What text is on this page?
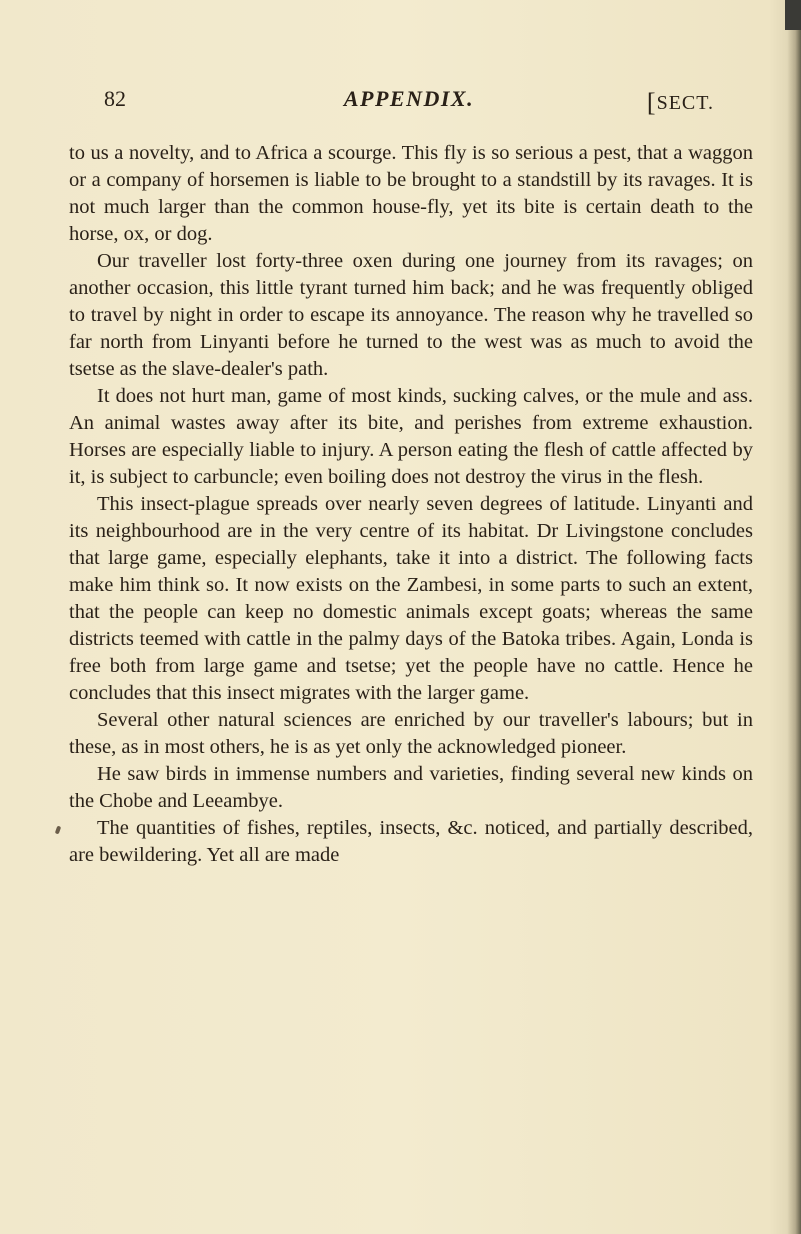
82	APPENDIX.	[SECT.

to us a novelty, and to Africa a scourge. This fly is so serious a pest, that a waggon or a company of horsemen is liable to be brought to a standstill by its ravages. It is not much larger than the common house-fly, yet its bite is certain death to the horse, ox, or dog.

Our traveller lost forty-three oxen during one journey from its ravages; on another occasion, this little tyrant turned him back; and he was frequently obliged to travel by night in order to escape its annoyance. The reason why he travelled so far north from Linyanti before he turned to the west was as much to avoid the tsetse as the slave-dealer's path.

It does not hurt man, game of most kinds, sucking calves, or the mule and ass. An animal wastes away after its bite, and perishes from extreme exhaustion. Horses are especially liable to injury. A person eating the flesh of cattle affected by it, is subject to carbuncle; even boiling does not destroy the virus in the flesh.

This insect-plague spreads over nearly seven degrees of latitude. Linyanti and its neighbourhood are in the very centre of its habitat. Dr Livingstone concludes that large game, especially elephants, take it into a district. The following facts make him think so. It now exists on the Zambesi, in some parts to such an extent, that the people can keep no domestic animals except goats; whereas the same districts teemed with cattle in the palmy days of the Batoka tribes. Again, Londa is free both from large game and tsetse; yet the people have no cattle. Hence he concludes that this insect migrates with the larger game.

Several other natural sciences are enriched by our traveller's labours; but in these, as in most others, he is as yet only the acknowledged pioneer.

He saw birds in immense numbers and varieties, finding several new kinds on the Chobe and Leeambye.

The quantities of fishes, reptiles, insects, &c. noticed, and partially described, are bewildering. Yet all are made
